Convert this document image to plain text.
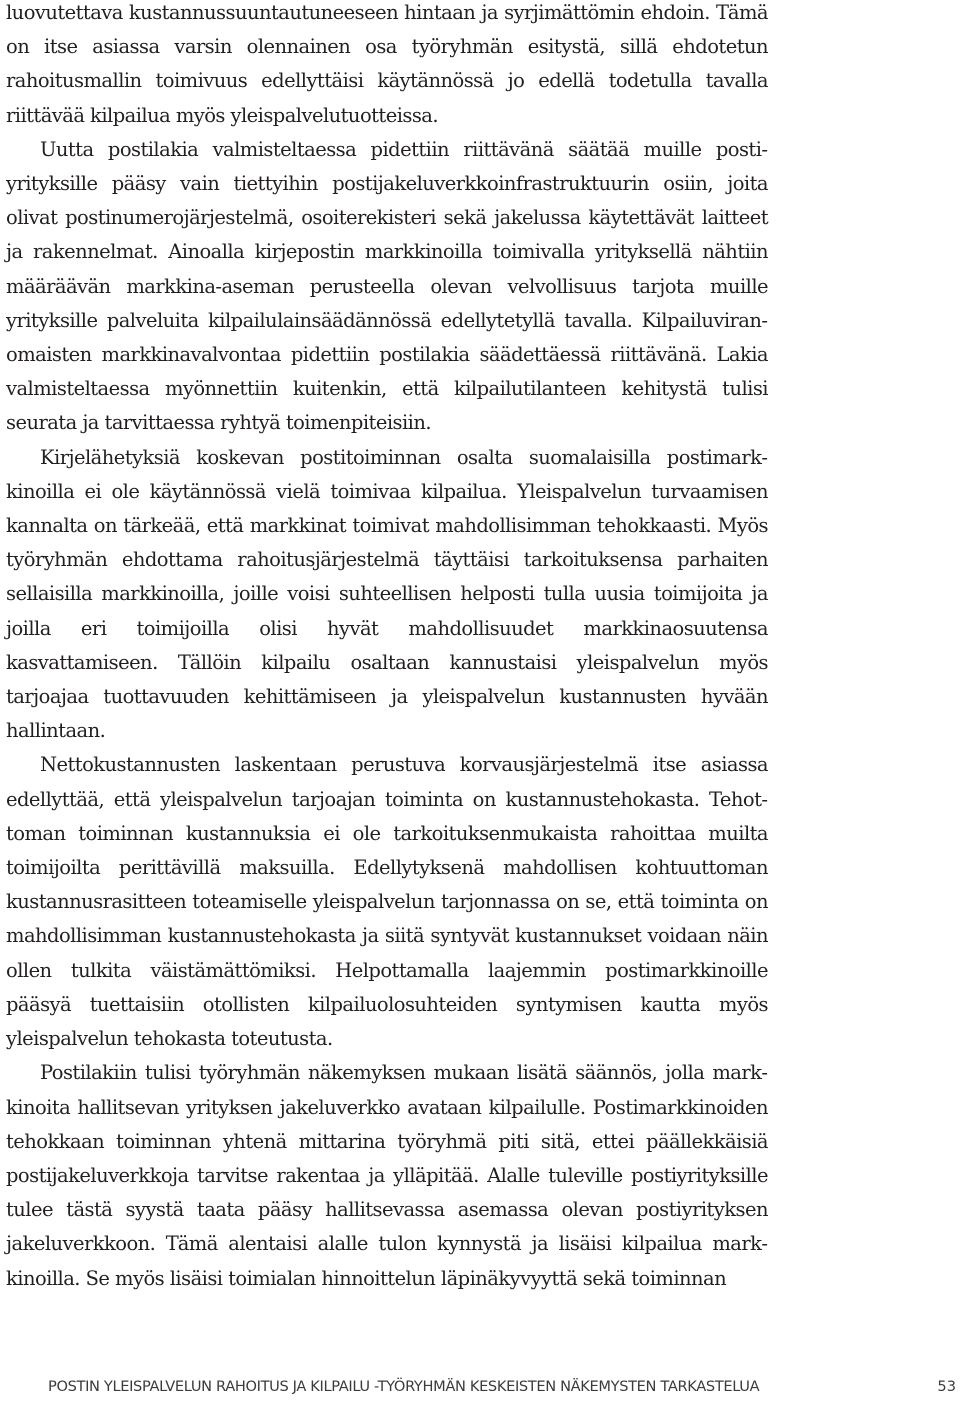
luovutettava kustannussuuntautuneeseen hintaan ja syrjimättömin ehdoin. Tämä on itse asiassa varsin olennainen osa työryhmän esitystä, sillä ehdotetun rahoitusmallin toimivuus edellyttäisi käytännössä jo edellä todetulla tavalla riittävää kilpailua myös yleispalvelutuotteissa.

Uutta postilakia valmisteltaessa pidettiin riittävänä säätää muille postiyrityksille pääsy vain tiettyihin postijakeluverkkoinfrastruktuurin osiin, joita olivat postinumerojärjestelmä, osoiterekisteri sekä jakelussa käytettävät laitteet ja rakennelmat. Ainoalla kirjepostin markkinoilla toimivalla yrityksellä nähtiin määräävän markkina-aseman perusteella olevan velvollisuus tarjota muille yrityksille palveluita kilpailulainsäädännössä edellytetyllä tavalla. Kilpailuviranomaisten markkinavalvontaa pidettiin postilakia säädettäessä riittävänä. Lakia valmisteltaessa myönnettiin kuitenkin, että kilpailutilanteen kehitystä tulisi seurata ja tarvittaessa ryhtyä toimenpiteisiin.

Kirjelähetyksiä koskevan postitoiminnan osalta suomalaisilla postimarkkinoilla ei ole käytännössä vielä toimivaa kilpailua. Yleispalvelun turvaamisen kannalta on tärkeää, että markkinat toimivat mahdollisimman tehokkaasti. Myös työryhmän ehdottama rahoitusjärjestelmä täyttäisi tarkoituksensa parhaiten sellaisilla markkinoilla, joille voisi suhteellisen helposti tulla uusia toimijoita ja joilla eri toimijoilla olisi hyvät mahdollisuudet markkinaosuutensa kasvattamiseen. Tällöin kilpailu osaltaan kannustaisi yleispalvelun myös tarjoajaa tuottavuuden kehittämiseen ja yleispalvelun kustannusten hyvään hallintaan.

Nettokustannusten laskentaan perustuva korvausjärjestelmä itse asiassa edellyttää, että yleispalvelun tarjoajan toiminta on kustannustehokasta. Tehottoman toiminnan kustannuksia ei ole tarkoituksenmukaista rahoittaa muilta toimijoilta perittävillä maksuilla. Edellytyksenä mahdollisen kohtuuttoman kustannusrasitteen toteamiselle yleispalvelun tarjonnassa on se, että toiminta on mahdollisimman kustannustehokasta ja siitä syntyvät kustannukset voidaan näin ollen tulkita väistämättömiksi. Helpottamalla laajemmin postimarkkinoille pääsyä tuettaisiin otollisten kilpailuolosuhteiden syntymisen kautta myös yleispalvelun tehokasta toteutusta.

Postilakiin tulisi työryhmän näkemyksen mukaan lisätä säännös, jolla markkinoita hallitsevan yrityksen jakeluverkko avataan kilpailulle. Postimarkkinoiden tehokkaan toiminnan yhtenä mittarina työryhmä piti sitä, ettei päällekkäisiä postijakeluverkkoja tarvitse rakentaa ja ylläpitää. Alalle tuleville postiyrityksille tulee tästä syystä taata pääsy hallitsevassa asemassa olevan postiyrityksen jakeluverkkoon. Tämä alentaisi alalle tulon kynnystä ja lisäisi kilpailua markkinoilla. Se myös lisäisi toimialan hinnoittelun läpinäkyvyyttä sekä toiminnan

POSTIN YLEISPALVELUN RAHOITUS JA KILPAILU -TYÖRYHMÄN KESKEISTEN NÄKEMYSTEN TARKASTELUA	53
